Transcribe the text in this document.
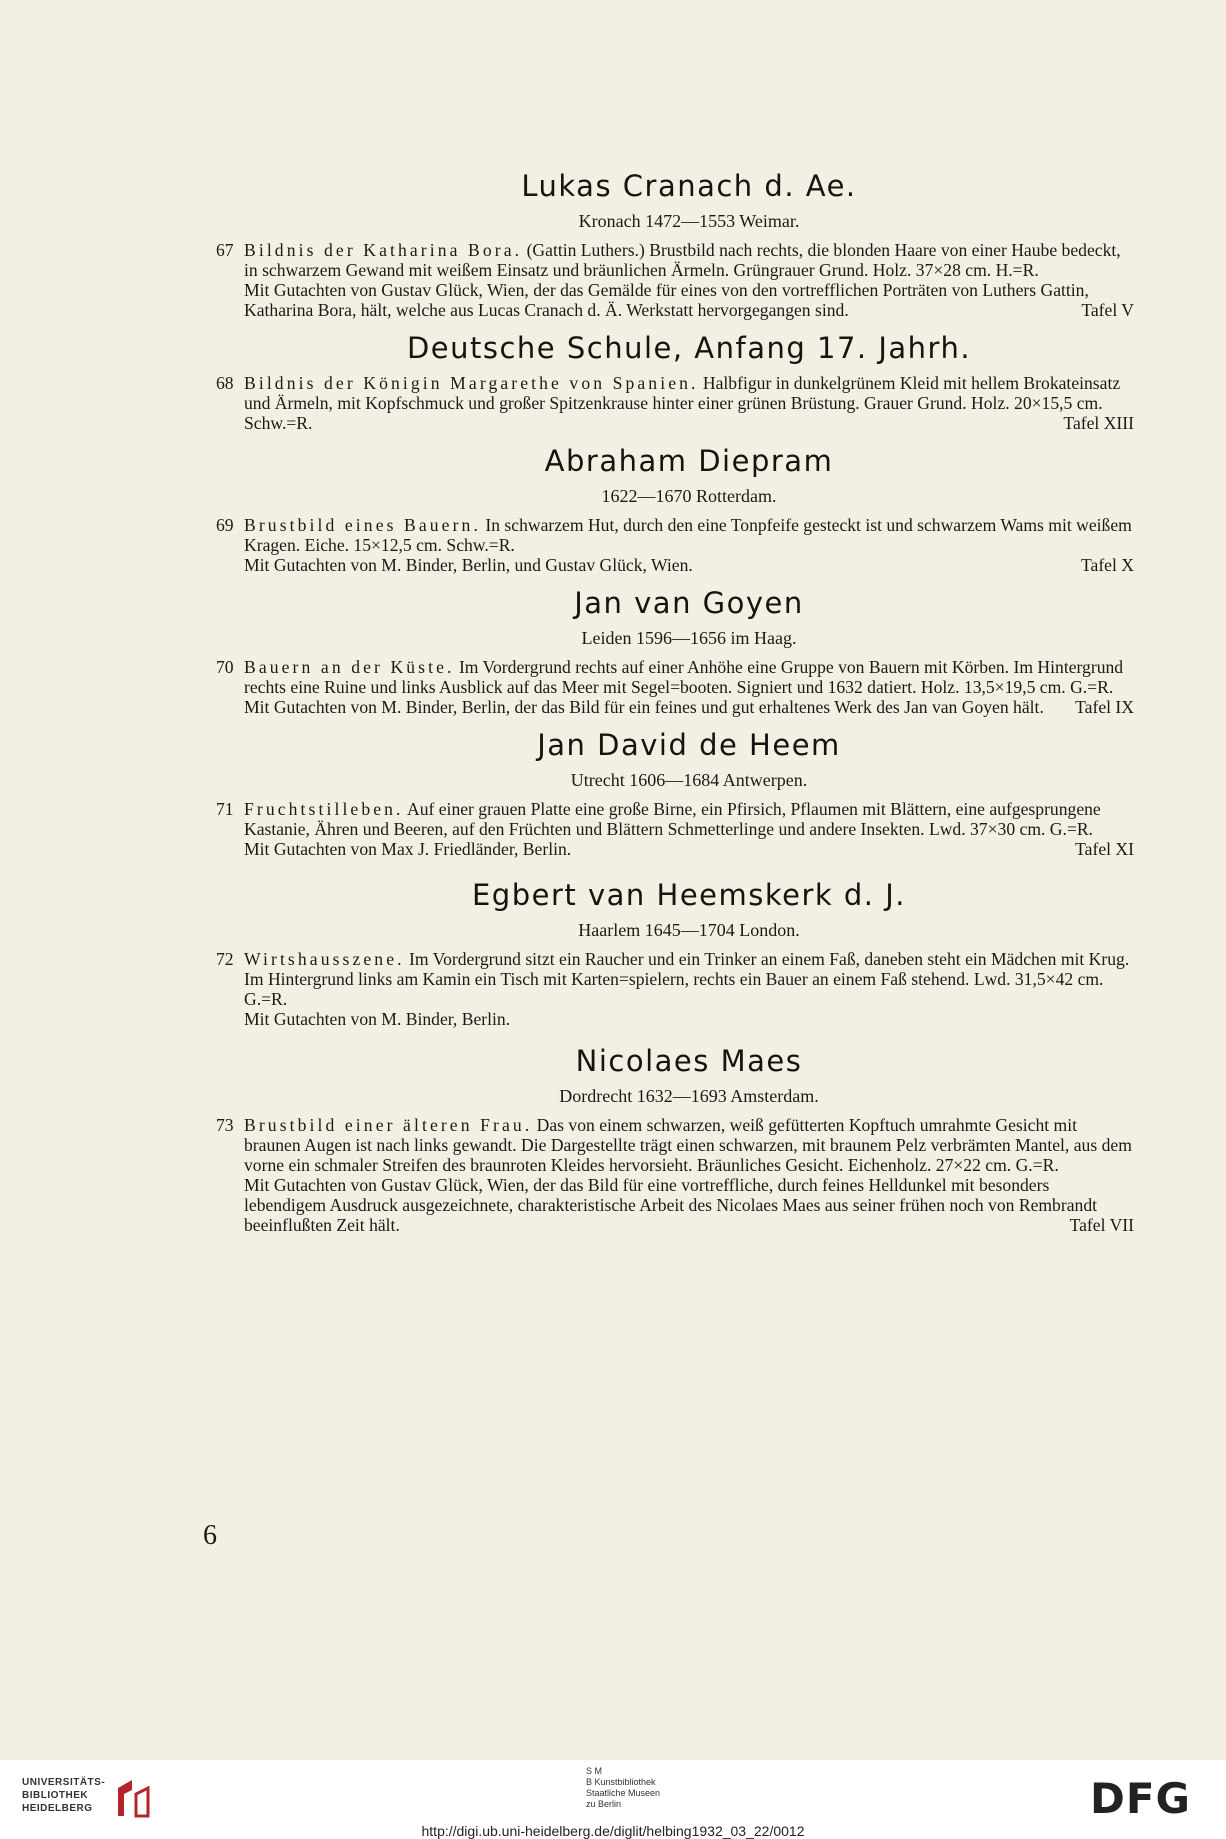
Lukas Cranach d. Ae.
Kronach 1472—1553 Weimar.
67 Bildnis der Katharina Bora. (Gattin Luthers.) Brustbild nach rechts, die blonden Haare von einer Haube bedeckt, in schwarzem Gewand mit weißem Einsatz und bräunlichen Ärmeln. Grüngrauer Grund. Holz. 37×28 cm. H.=R.

Mit Gutachten von Gustav Glück, Wien, der das Gemälde für eines von den vortrefflichen Porträten von Luthers Gattin, Katharina Bora, hält, welche aus Lucas Cranach d. Ä. Werkstatt hervorgegangen sind.	Tafel V

Deutsche Schule, Anfang 17. Jahrh.
68 Bildnis der Königin Margarethe von Spanien. Halbfigur in dunkelgrünem Kleid mit hellem Brokateinsatz und Ärmeln, mit Kopfschmuck und großer Spitzenkrause hinter einer grünen Brüstung. Grauer Grund. Holz. 20×15,5 cm. Schw.=R.	Tafel XIII

Abraham Diepram
1622—1670 Rotterdam.
69 Brustbild eines Bauern. In schwarzem Hut, durch den eine Tonpfeife gesteckt ist und schwarzem Wams mit weißem Kragen. Eiche. 15×12,5 cm. Schw.=R.

Mit Gutachten von M. Binder, Berlin, und Gustav Glück, Wien.	Tafel X

Jan van Goyen
Leiden 1596—1656 im Haag.
70 Bauern an der Küste. Im Vordergrund rechts auf einer Anhöhe eine Gruppe von Bauern mit Körben. Im Hintergrund rechts eine Ruine und links Ausblick auf das Meer mit Segel=booten. Signiert und 1632 datiert. Holz. 13,5×19,5 cm. G.=R.

Mit Gutachten von M. Binder, Berlin, der das Bild für ein feines und gut erhaltenes Werk des Jan van Goyen hält. Tafel IX

Jan David de Heem
Utrecht 1606—1684 Antwerpen.
71 Fruchtstilleben. Auf einer grauen Platte eine große Birne, ein Pfirsich, Pflaumen mit Blättern, eine aufgesprungene Kastanie, Ähren und Beeren, auf den Früchten und Blättern Schmetterlinge und andere Insekten. Lwd. 37×30 cm. G.=R.

Mit Gutachten von Max J. Friedländer, Berlin.	Tafel XI

Egbert van Heemskerk d. J.
Haarlem 1645—1704 London.
72 Wirtshausszene. Im Vordergrund sitzt ein Raucher und ein Trinker an einem Faß, daneben steht ein Mädchen mit Krug. Im Hintergrund links am Kamin ein Tisch mit Karten=spielern, rechts ein Bauer an einem Faß stehend. Lwd. 31,5×42 cm. G.=R.

Mit Gutachten von M. Binder, Berlin.

Nicolaes Maes
Dordrecht 1632—1693 Amsterdam.
73 Brustbild einer älteren Frau. Das von einem schwarzen, weiß gefütterten Kopftuch umrahmte Gesicht mit braunen Augen ist nach links gewandt. Die Dargestellte trägt einen schwarzen, mit braunem Pelz verbrämten Mantel, aus dem vorne ein schmaler Streifen des braunroten Kleides hervorsieht. Bräunliches Gesicht. Eichenholz. 27×22 cm. G.=R.

Mit Gutachten von Gustav Glück, Wien, der das Bild für eine vortreffliche, durch feines Helldunkel mit besonders lebendigem Ausdruck ausgezeichnete, charakteristische Arbeit des Nicolaes Maes aus seiner frühen noch von Rembrandt beeinflußten Zeit hält.	Tafel VII

6
UNIVERSITÄTS-
BIBLIOTHEK
HEIDELBERG
S M
B Kunstbibliothek
Staatliche Museen
zu Berlin	DFG
http://digi.ub.uni-heidelberg.de/diglit/helbing1932_03_22/0012
